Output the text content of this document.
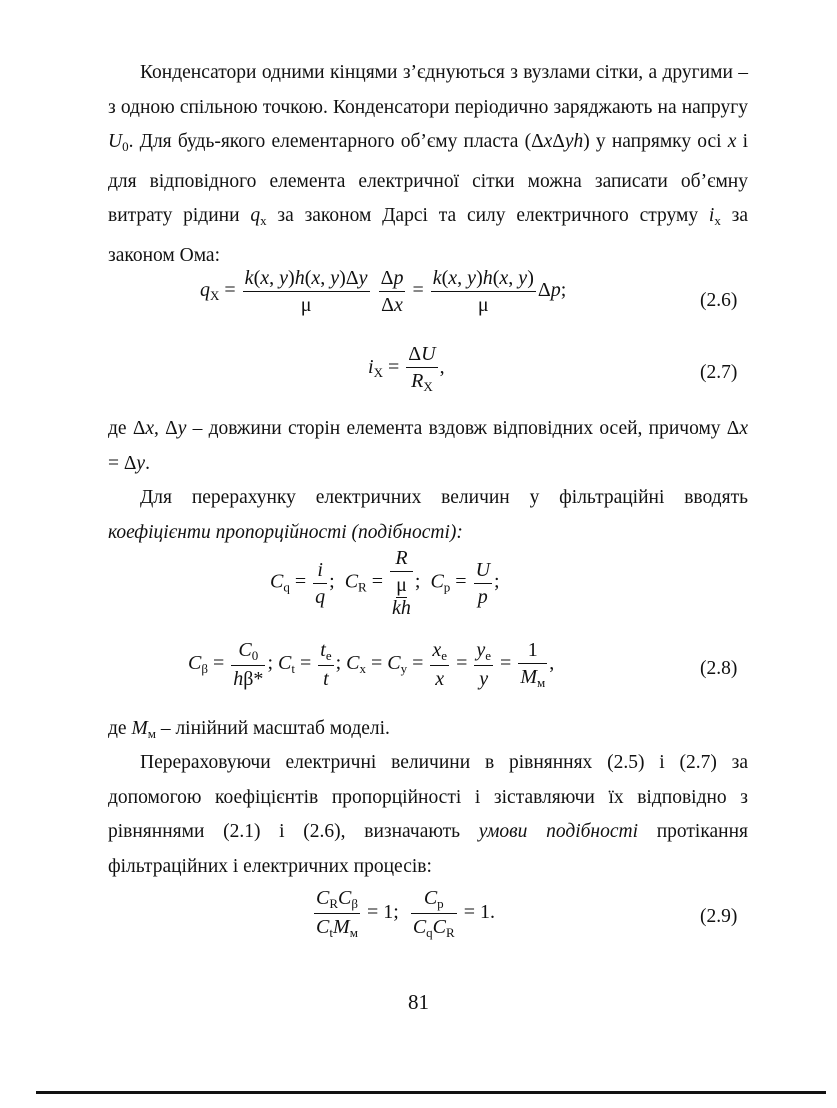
Конденсатори одними кінцями з’єднуються з вузлами сітки, а другими – з одною спільною точкою. Конденсатори періодично заряджають на напругу $U_0$. Для будь-якого елементарного об’єму пласта (ΔxΔyh) у напрямку осі x і для відповідного елемента електричної сітки можна записати об’ємну витрату рідини $q_x$ за законом Дарсі та силу електричного струму $i_x$ за законом Ома:
$q_X = \frac{k(x, y)h(x, y)\Delta y}{\mu}$
$\frac{\Delta p}{\Delta x} = \frac{k(x, y)h(x, y)}{\mu} \Delta p$;	(2.6)
$i_X = \frac{\Delta U}{R_X}$ ,	(2.7)
де Δx, Δy – довжини сторін елемента вздовж відповідних осей, причому Δx = Δy.
Для перерахунку електричних величин у фільтраційні вводять коефіцієнти пропорційності (подібності):
$C_q = \frac{i}{q}$ ;  $C_R$ =
R
μ
kh
;  $C_p = \frac{U}{p}$ ;
$C_\beta = \frac{C_0}{h\beta*}$ ; $C_t = \frac{t_e}{t}$ ; $C_x = C_y = \frac{x_e}{x} = \frac{y_e}{y} = \frac{1}{M_м}$ ,	(2.8)
де $M_м$ – лінійний масштаб моделі.
Перераховуючи електричні величини в рівняннях (2.5) і (2.7) за допомогою коефіцієнтів пропорційності і зіставляючи їх відповідно з рівняннями (2.1) і (2.6), визначають умови подібності протікання фільтраційних і електричних процесів:
$\frac{C_RC_\beta}{C_tM_м} = 1$; $\frac{C_p}{C_qC_R} = 1$.	(2.9)
81
